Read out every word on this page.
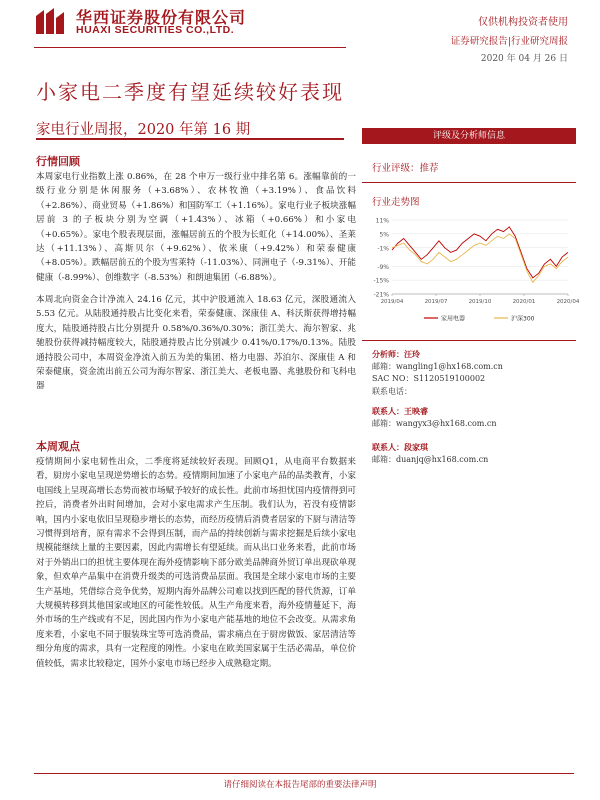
华西证券股份有限公司
HUAXI SECURITIES CO.,LTD.
仅供机构投资者使用
证券研究报告|行业研究周报
2020 年 04 月 26 日
小家电二季度有望延续较好表现
家电行业周报，2020 年第 16 期
行情回顾

本周家电行业指数上涨 0.86%，在 28 个申万一级行业中排名第 6。涨幅靠前的一级行业分别是休闲服务（+3.68%）、农林牧渔（+3.19%）、食品饮料（+2.86%）、商业贸易（+1.86%）和国防军工（+1.16%）。家电行业子板块涨幅居前 3 的子板块分别为空调（+1.43%）、冰箱（+0.66%）和小家电（+0.65%）。家电个股表现层面，涨幅居前五的个股为长虹化（+14.00%）、圣莱达（+11.13%）、高斯贝尔（+9.62%）、依米康（+9.42%）和荣泰健康（+8.05%）。跌幅居前五的个股为雪莱特（-11.03%）、同洲电子（-9.31%）、开能健康（-8.99%）、创维数字（-8.53%）和朗迪集团（-6.88%）。

本周北向资金合计净流入 24.16 亿元，其中沪股通流入 18.63 亿元，深股通流入 5.53 亿元。从陆股通持股占比变化来看，荣泰健康、深康佳 A、科沃斯获得增持幅度大，陆股通持股占比分别提升 0.58%/0.36%/0.30%；浙江美大、海尔智家、兆驰股份获得减持幅度较大，陆股通持股占比分别减少 0.41%/0.17%/0.13%。陆股通持股公司中，本周资金净流入前五为美的集团、格力电器、苏泊尔、深康佳 A 和荣泰健康，资金流出前五公司为海尔智家、浙江美大、老板电器、兆驰股份和飞科电器

本周观点

疫情期间小家电韧性出众，二季度将延续较好表现。回顾Q1，从电商平台数据来看，厨房小家电呈现逆势增长的态势。疫情期间加速了小家电产品的品类教育，小家电国线上呈现高增长态势而被市场赋予较好的成长性。此前市场担忧国内疫情得到可控后，消费者外出时间增加，会对小家电需求产生压制。我们认为，若没有疫情影响，国内小家电依旧呈现稳步增长的态势，而经历疫情后消费者居家的下厨与清洁等习惯得到培育，原有需求不会得到压制，而产品的持续创新与需求挖掘是后续小家电规模能继续上量的主要因素，因此内需增长有望延续。而从出口业务来看，此前市场对于外销出口的担忧主要体现在海外疫情影响下部分欧美品牌商外贸订单出现砍单现象，但欢单产品集中在消费升级类的可选消费品层面。我国是全球小家电市场的主要生产基地，凭借综合竞争优势，短期内海外品牌公司难以找到匹配的替代货源，订单大规模转移到其他国家或地区的可能性较低。从生产角度来看，海外疫情蔓延下，海外市场的生产线或有不足，因此国内作为小家电产能基地的地位不会改变。从需求角度来看，小家电不同于服装珠宝等可选消费品，需求痛点在于厨房做饭、家居清洁等细分角度的需求，具有一定程度的刚性。小家电在欧美国家属于生活必需品，单位价值较低，需求比较稳定，国外小家电市场已经步入成熟稳定期。

评级及分析师信息
行业评级：推荐
行业走势图
11%
5%
-1%
-9%
-15%
-21%
2019/04	2019/07	2019/10	2020/01	2020/04
家用电器	沪深300
分析师：汪玲
邮箱：wangling1@hx168.com.cn
SAC NO：S1120519100002
联系电话：
联系人：王映睿
邮箱：wangyx3@hx168.com.cn
联系人：段家琪
邮箱：duanjq@hx168.com.cn
请仔细阅读在本报告尾部的重要法律声明
